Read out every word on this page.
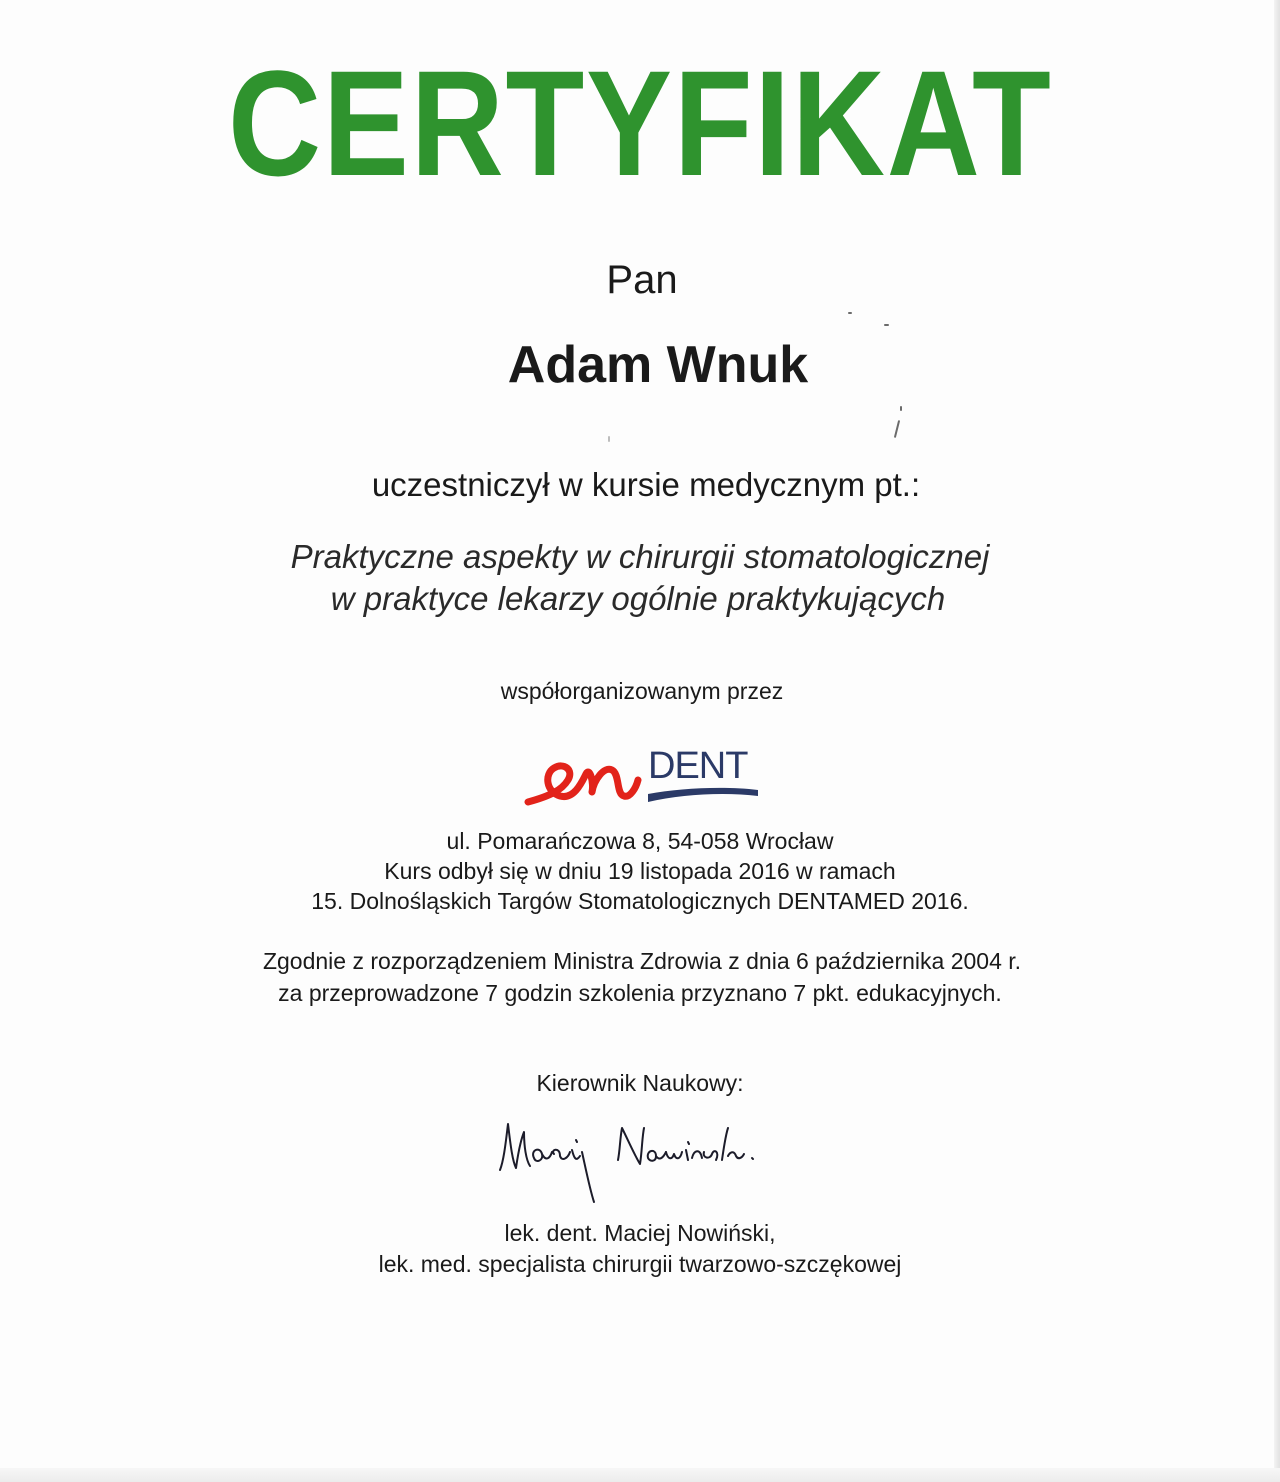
CERTYFIKAT
Pan
Adam Wnuk
uczestniczył w kursie medycznym pt.:
Praktyczne aspekty w chirurgii stomatologicznej
w praktyce lekarzy ogólnie praktykujących
współorganizowanym przez
DENT
ul. Pomarańczowa 8, 54-058 Wrocław
Kurs odbył się w dniu 19 listopada 2016 w ramach
15. Dolnośląskich Targów Stomatologicznych DENTAMED 2016.
Zgodnie z rozporządzeniem Ministra Zdrowia z dnia 6 października 2004 r.
za przeprowadzone 7 godzin szkolenia przyznano 7 pkt. edukacyjnych.
Kierownik Naukowy:
lek. dent. Maciej Nowiński,
lek. med. specjalista chirurgii twarzowo-szczękowej
